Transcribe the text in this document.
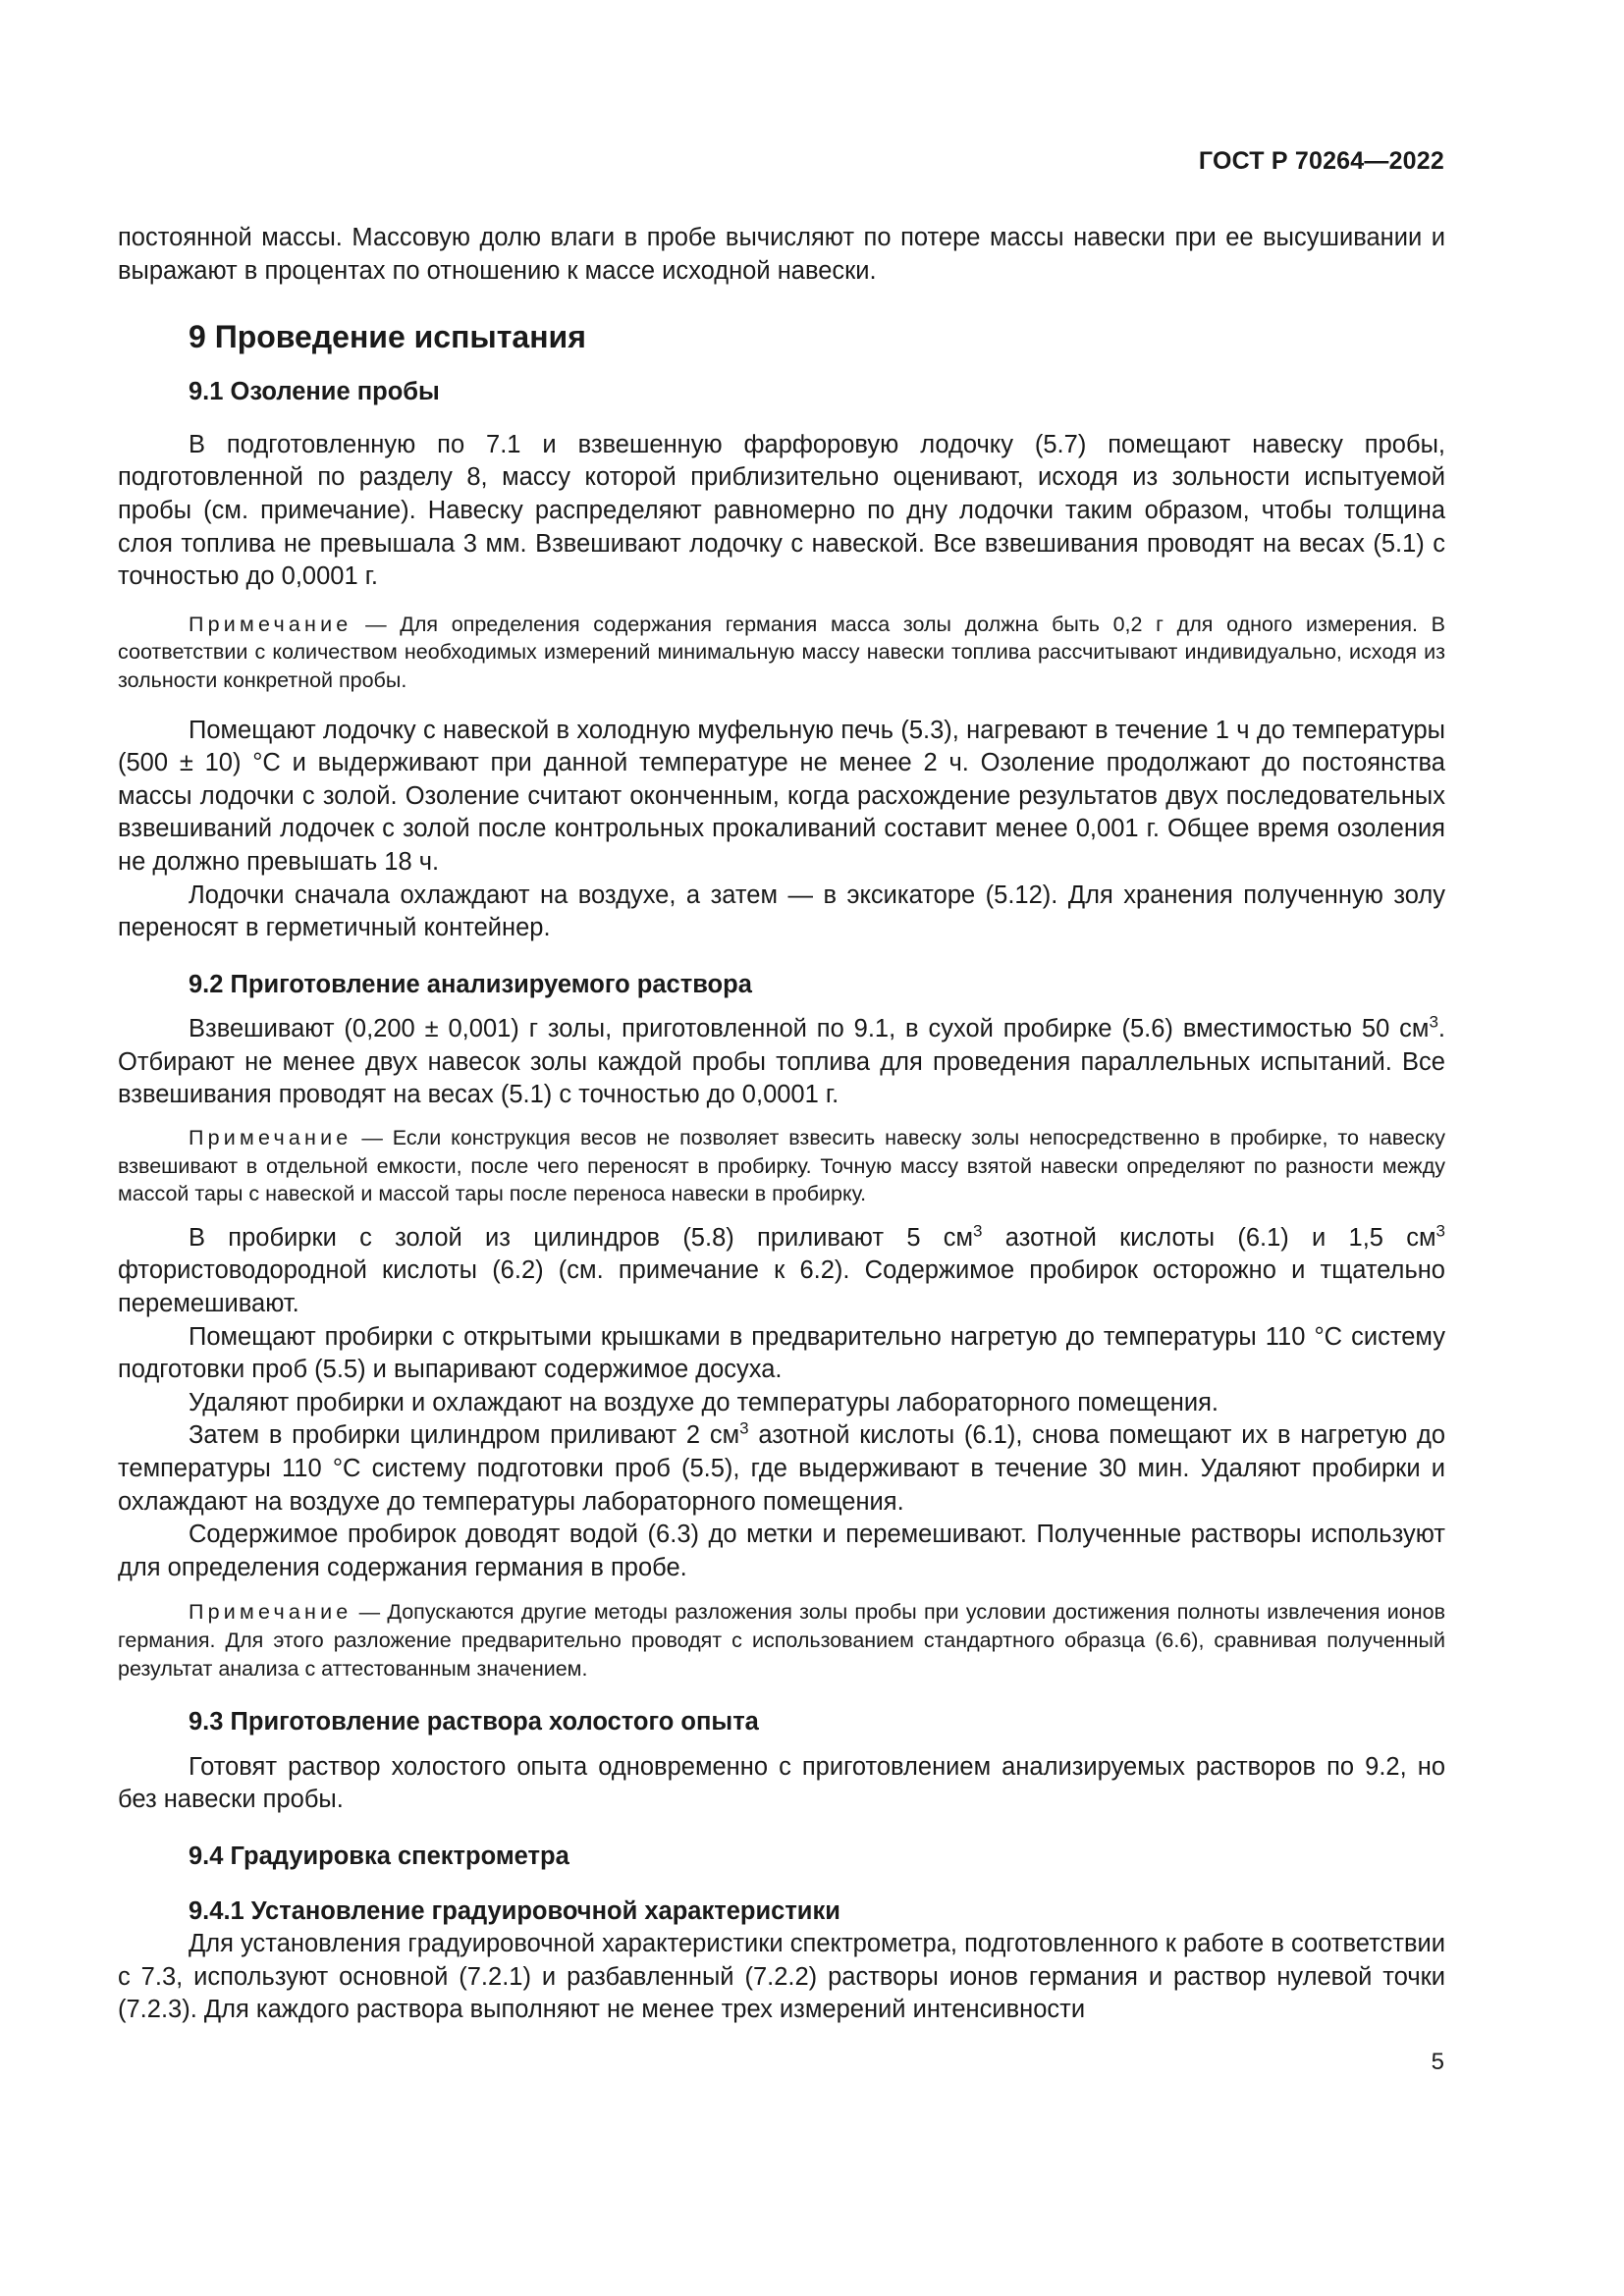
ГОСТ Р 70264—2022

постоянной массы. Массовую долю влаги в пробе вычисляют по потере массы навески при ее высушивании и выражают в процентах по отношению к массе исходной навески.

9 Проведение испытания
9.1 Озоление пробы

В подготовленную по 7.1 и взвешенную фарфоровую лодочку (5.7) помещают навеску пробы, подготовленной по разделу 8, массу которой приблизительно оценивают, исходя из зольности испытуемой пробы (см. примечание). Навеску распределяют равномерно по дну лодочки таким образом, чтобы толщина слоя топлива не превышала 3 мм. Взвешивают лодочку с навеской. Все взвешивания проводят на весах (5.1) с точностью до 0,0001 г.

Примечание — Для определения содержания германия масса золы должна быть 0,2 г для одного измерения. В соответствии с количеством необходимых измерений минимальную массу навески топлива рассчитывают индивидуально, исходя из зольности конкретной пробы.

Помещают лодочку с навеской в холодную муфельную печь (5.3), нагревают в течение 1 ч до температуры (500 ± 10) °С и выдерживают при данной температуре не менее 2 ч. Озоление продолжают до постоянства массы лодочки с золой. Озоление считают оконченным, когда расхождение результатов двух последовательных взвешиваний лодочек с золой после контрольных прокаливаний составит менее 0,001 г. Общее время озоления не должно превышать 18 ч.

Лодочки сначала охлаждают на воздухе, а затем — в эксикаторе (5.12). Для хранения полученную золу переносят в герметичный контейнер.

9.2 Приготовление анализируемого раствора

Взвешивают (0,200 ± 0,001) г золы, приготовленной по 9.1, в сухой пробирке (5.6) вместимостью 50 $см^3$. Отбирают не менее двух навесок золы каждой пробы топлива для проведения параллельных испытаний. Все взвешивания проводят на весах (5.1) с точностью до 0,0001 г.

Примечание — Если конструкция весов не позволяет взвесить навеску золы непосредственно в пробирке, то навеску взвешивают в отдельной емкости, после чего переносят в пробирку. Точную массу взятой навески определяют по разности между массой тары с навеской и массой тары после переноса навески в пробирку.

В пробирки с золой из цилиндров (5.8) приливают 5 $см^3$ азотной кислоты (6.1) и 1,5 $см^3$ фтористоводородной кислоты (6.2) (см. примечание к 6.2). Содержимое пробирок осторожно и тщательно перемешивают.

Помещают пробирки с открытыми крышками в предварительно нагретую до температуры 110 °С систему подготовки проб (5.5) и выпаривают содержимое досуха.

Удаляют пробирки и охлаждают на воздухе до температуры лабораторного помещения.

Затем в пробирки цилиндром приливают 2 $см^3$ азотной кислоты (6.1), снова помещают их в нагретую до температуры 110 °С систему подготовки проб (5.5), где выдерживают в течение 30 мин. Удаляют пробирки и охлаждают на воздухе до температуры лабораторного помещения.

Содержимое пробирок доводят водой (6.3) до метки и перемешивают. Полученные растворы используют для определения содержания германия в пробе.

Примечание — Допускаются другие методы разложения золы пробы при условии достижения полноты извлечения ионов германия. Для этого разложение предварительно проводят с использованием стандартного образца (6.6), сравнивая полученный результат анализа с аттестованным значением.

9.3 Приготовление раствора холостого опыта

Готовят раствор холостого опыта одновременно с приготовлением анализируемых растворов по 9.2, но без навески пробы.

9.4 Градуировка спектрометра
9.4.1 Установление градуировочной характеристики

Для установления градуировочной характеристики спектрометра, подготовленного к работе в соответствии с 7.3, используют основной (7.2.1) и разбавленный (7.2.2) растворы ионов германия и раствор нулевой точки (7.2.3). Для каждого раствора выполняют не менее трех измерений интенсивности

5
